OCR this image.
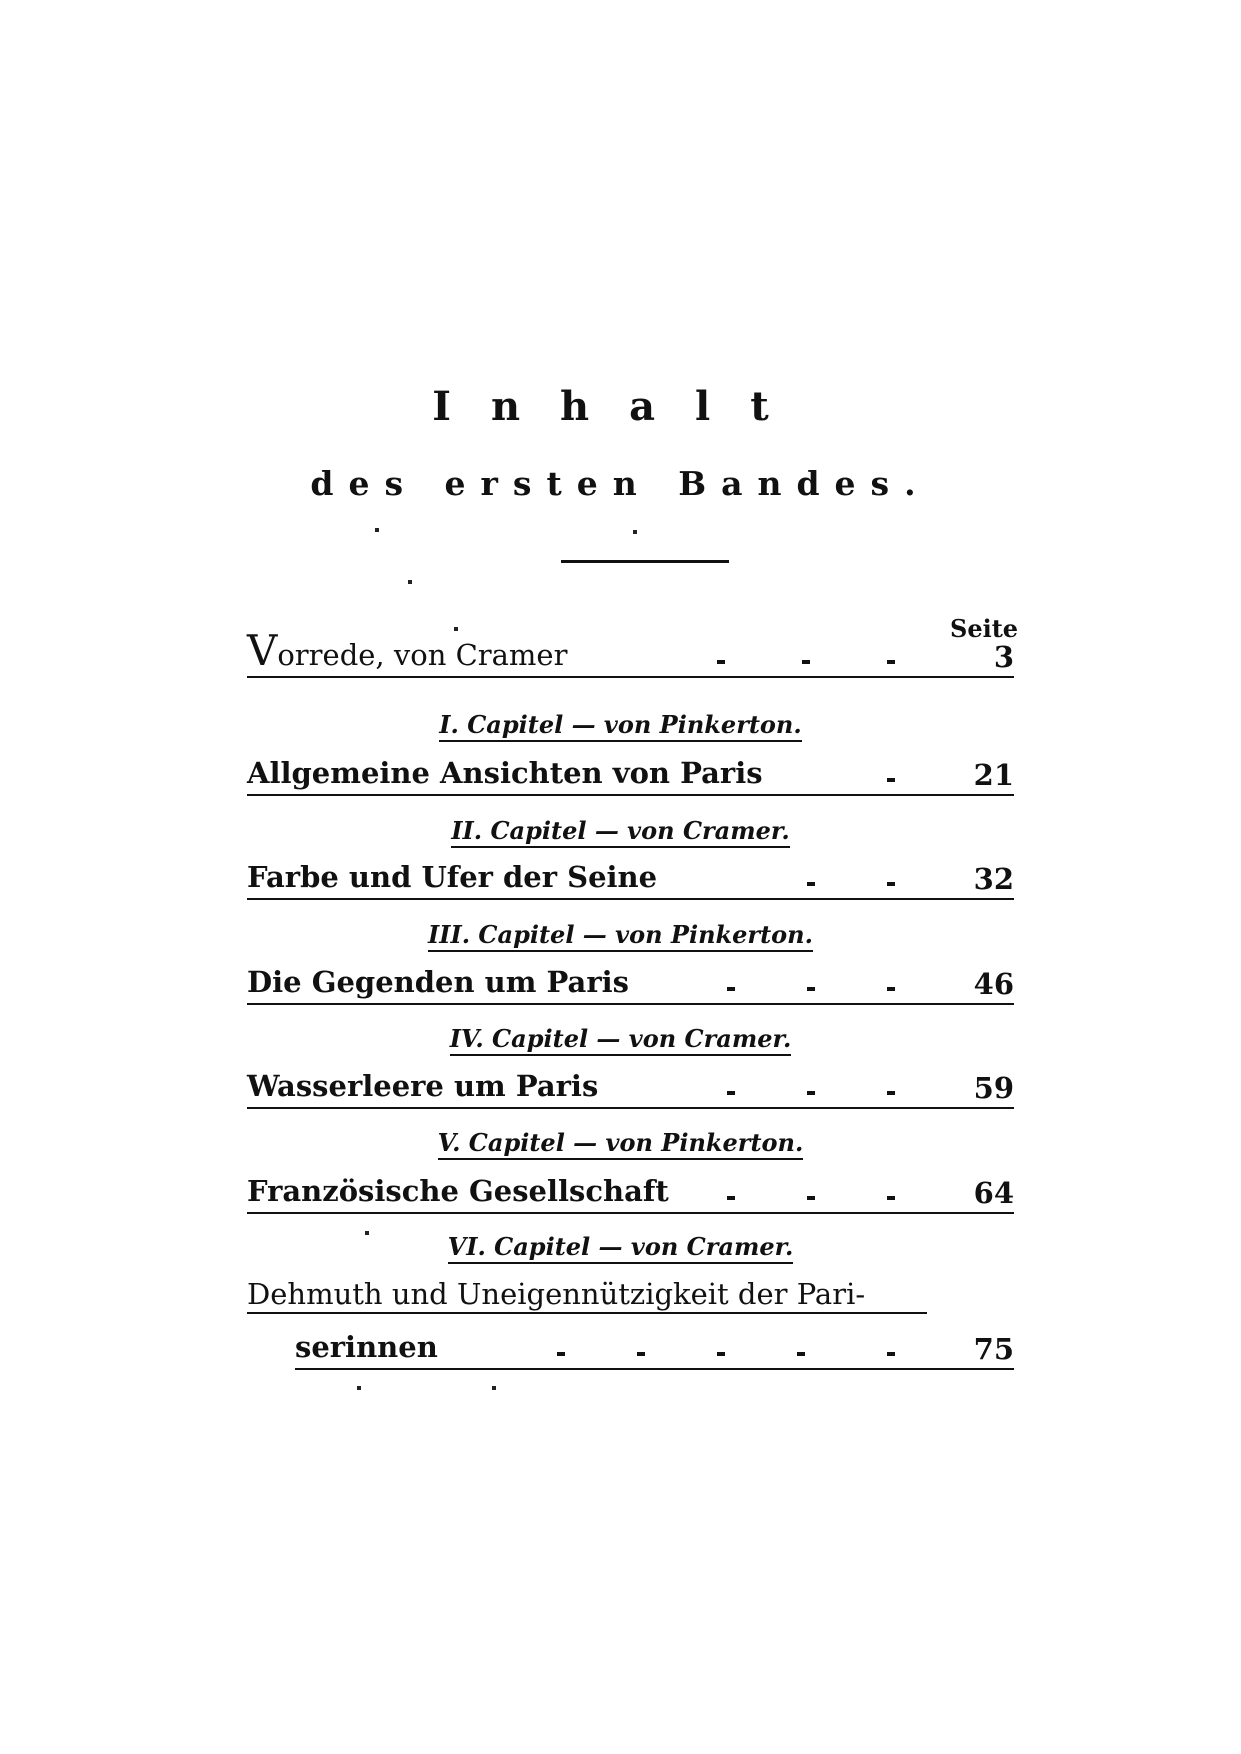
Inhalt
des ersten Bandes.
Seite
Vorrede, von Cramer	3
I. Capitel — von Pinkerton.
Allgemeine Ansichten von Paris	21
II. Capitel — von Cramer.
Farbe und Ufer der Seine	32
III. Capitel — von Pinkerton.
Die Gegenden um Paris	46
IV. Capitel — von Cramer.
Wasserleere um Paris	59
V. Capitel — von Pinkerton.
Französische Gesellschaft	64
VI. Capitel — von Cramer.
Dehmuth und Uneigennützigkeit der Pari-
serinnen	75
